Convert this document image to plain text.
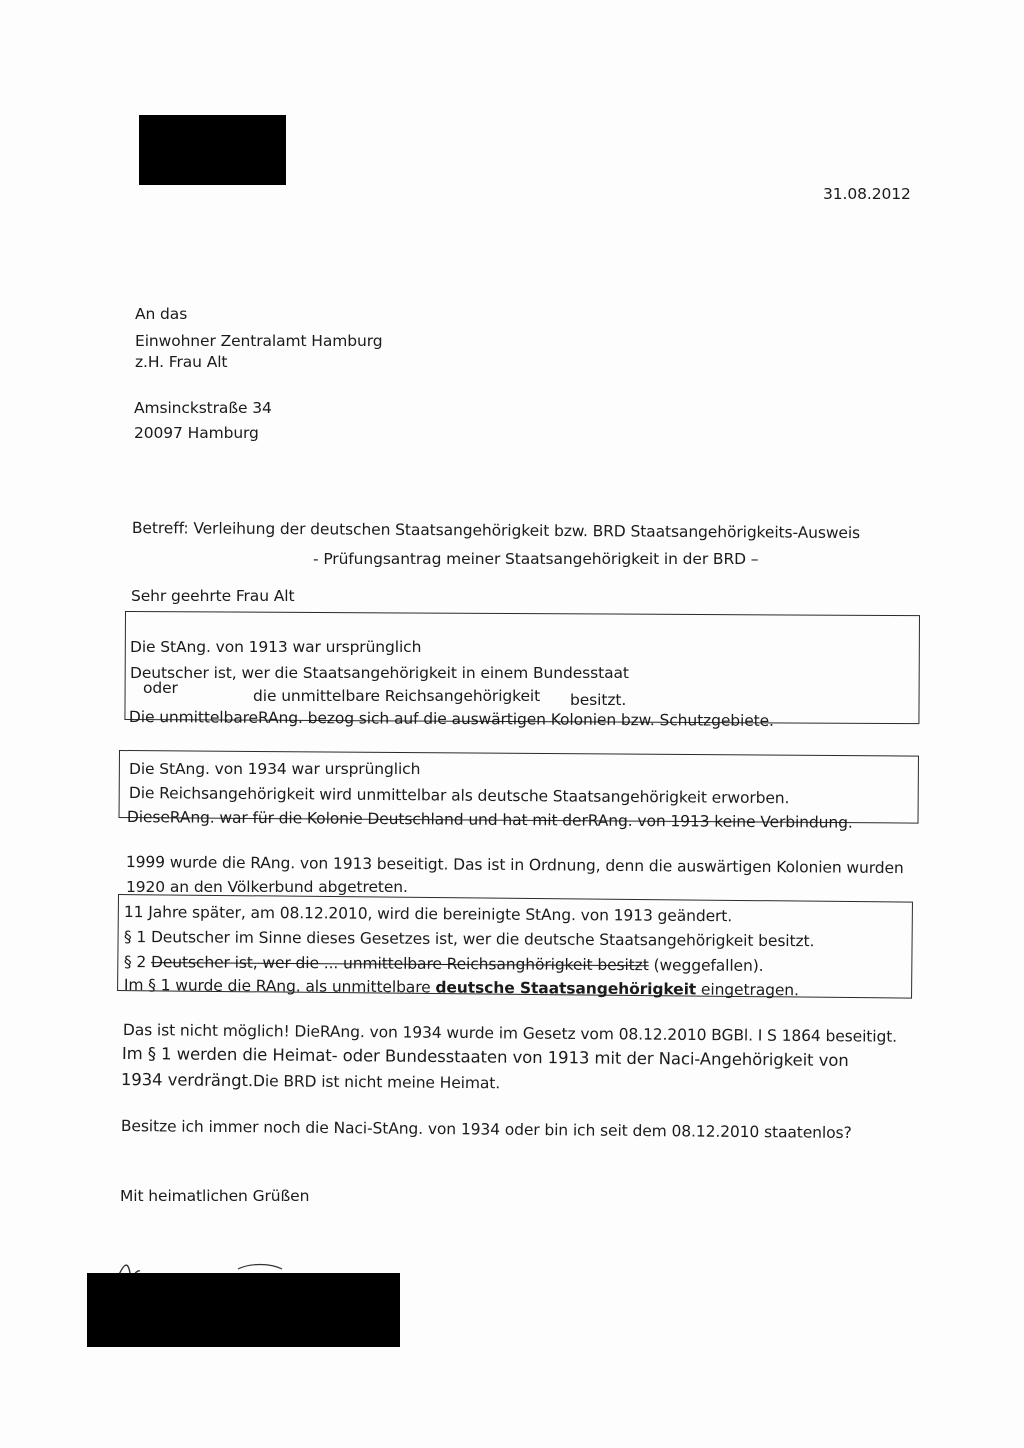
31.08.2012
An das
Einwohner Zentralamt Hamburg
z.H. Frau Alt
Amsinckstraße 34
20097 Hamburg
Betreff: Verleihung der deutschen Staatsangehörigkeit bzw. BRD Staatsangehörigkeits-Ausweis
- Prüfungsantrag meiner Staatsangehörigkeit in der BRD –
Sehr geehrte Frau Alt
Die StAng. von 1913 war ursprünglich
Deutscher ist, wer die Staatsangehörigkeit in einem Bundesstaat
oder	die unmittelbare Reichsangehörigkeit besitzt.
Die unmittelbareRAng. bezog sich auf die auswärtigen Kolonien bzw. Schutzgebiete.
Die StAng. von 1934 war ursprünglich
Die Reichsangehörigkeit wird unmittelbar als deutsche Staatsangehörigkeit erworben.
DieseRAng. war für die Kolonie Deutschland und hat mit derRAng. von 1913 keine Verbindung.
1999 wurde die RAng. von 1913 beseitigt. Das ist in Ordnung, denn die auswärtigen Kolonien wurden
1920 an den Völkerbund abgetreten.
11 Jahre später, am 08.12.2010, wird die bereinigte StAng. von 1913 geändert.
§ 1 Deutscher im Sinne dieses Gesetzes ist, wer die deutsche Staatsangehörigkeit besitzt.
§ 2 Deutscher ist, wer die ... unmittelbare Reichsanghörigkeit besitzt (weggefallen).
Im § 1 wurde die RAng. als unmittelbare deutsche Staatsangehörigkeit eingetragen.
Das ist nicht möglich! DieRAng. von 1934 wurde im Gesetz vom 08.12.2010 BGBl. I S 1864 beseitigt.
Im § 1 werden die Heimat- oder Bundesstaaten von 1913 mit der Naci-Angehörigkeit von
1934 verdrängt.Die BRD ist nicht meine Heimat.
Besitze ich immer noch die Naci-StAng. von 1934 oder bin ich seit dem 08.12.2010 staatenlos?
Mit heimatlichen Grüßen
